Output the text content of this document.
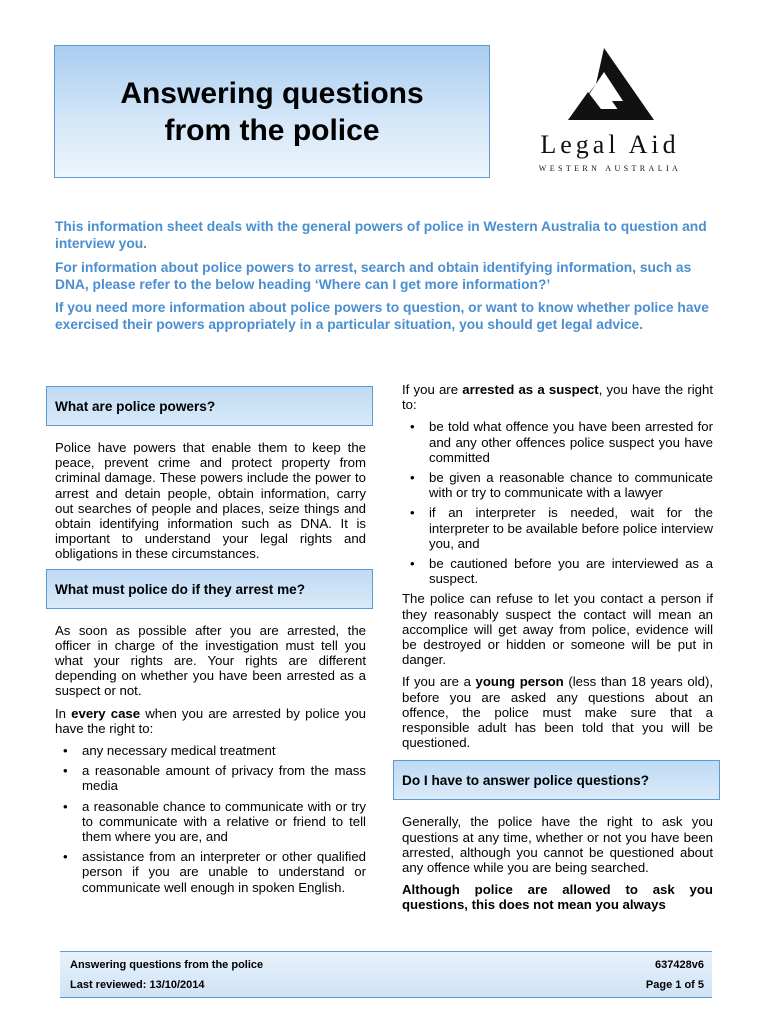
Answering questions
from the police	Legal Aid
WESTERN AUSTRALIA

This information sheet deals with the general powers of police in Western Australia to question and interview you.

For information about police powers to arrest, search and obtain identifying information, such as DNA, please refer to the below heading ‘Where can I get more information?’

If you need more information about police powers to question, or want to know whether police have exercised their powers appropriately in a particular situation, you should get legal advice.

What are police powers?

Police have powers that enable them to keep the peace, prevent crime and protect property from criminal damage. These powers include the power to arrest and detain people, obtain information, carry out searches of people and places, seize things and obtain identifying information such as DNA. It is important to understand your legal rights and obligations in these circumstances.

What must police do if they arrest me?

As soon as possible after you are arrested, the officer in charge of the investigation must tell you what your rights are. Your rights are different depending on whether you have been arrested as a suspect or not.

In every case when you are arrested by police you have the right to:

• any necessary medical treatment
• a reasonable amount of privacy from the mass media
• a reasonable chance to communicate with or try to communicate with a relative or friend to tell them where you are, and
• assistance from an interpreter or other qualified person if you are unable to understand or communicate well enough in spoken English.

If you are arrested as a suspect, you have the right to:

• be told what offence you have been arrested for and any other offences police suspect you have committed
• be given a reasonable chance to communicate with or try to communicate with a lawyer
• if an interpreter is needed, wait for the interpreter to be available before police interview you, and
• be cautioned before you are interviewed as a suspect.

The police can refuse to let you contact a person if they reasonably suspect the contact will mean an accomplice will get away from police, evidence will be destroyed or hidden or someone will be put in danger.

If you are a young person (less than 18 years old), before you are asked any questions about an offence, the police must make sure that a responsible adult has been told that you will be questioned.

Do I have to answer police questions?

Generally, the police have the right to ask you questions at any time, whether or not you have been arrested, although you cannot be questioned about any offence while you are being searched.

Although police are allowed to ask you questions, this does not mean you always

Answering questions from the police	637428v6
Last reviewed: 13/10/2014	Page 1 of 5
